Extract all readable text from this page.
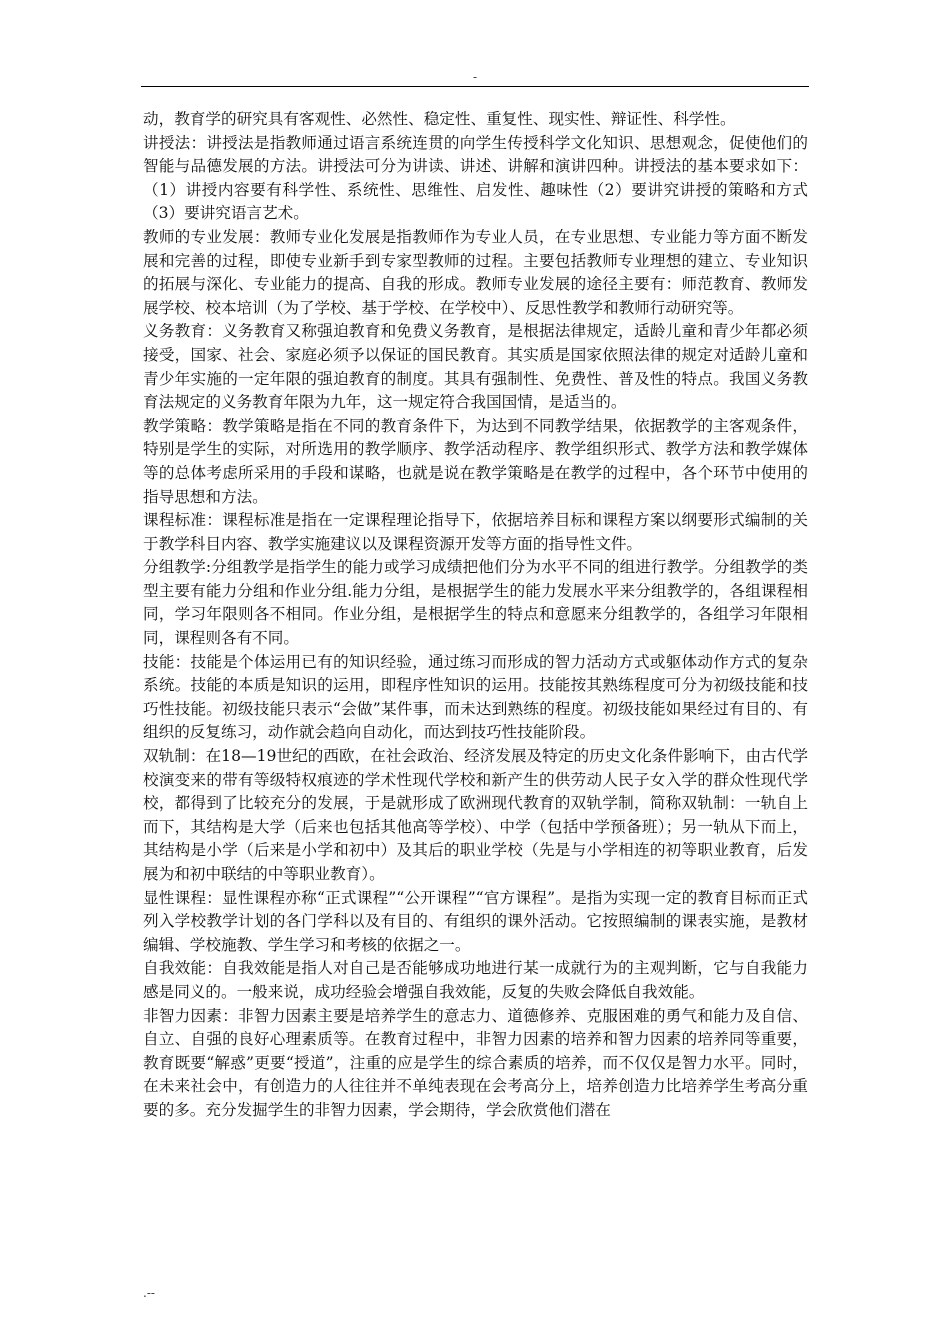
-

动，教育学的研究具有客观性、必然性、稳定性、重复性、现实性、辩证性、科学性。

讲授法：讲授法是指教师通过语言系统连贯的向学生传授科学文化知识、思想观念，促使他们的智能与品德发展的方法。讲授法可分为讲读、讲述、讲解和演讲四种。讲授法的基本要求如下：（1）讲授内容要有科学性、系统性、思维性、启发性、趣味性（2）要讲究讲授的策略和方式（3）要讲究语言艺术。

教师的专业发展：教师专业化发展是指教师作为专业人员，在专业思想、专业能力等方面不断发展和完善的过程，即使专业新手到专家型教师的过程。主要包括教师专业理想的建立、专业知识的拓展与深化、专业能力的提高、自我的形成。教师专业发展的途径主要有：师范教育、教师发展学校、校本培训（为了学校、基于学校、在学校中）、反思性教学和教师行动研究等。

义务教育：义务教育又称强迫教育和免费义务教育，是根据法律规定，适龄儿童和青少年都必须接受，国家、社会、家庭必须予以保证的国民教育。其实质是国家依照法律的规定对适龄儿童和青少年实施的一定年限的强迫教育的制度。其具有强制性、免费性、普及性的特点。我国义务教育法规定的义务教育年限为九年，这一规定符合我国国情，是适当的。

教学策略：教学策略是指在不同的教育条件下，为达到不同教学结果，依据教学的主客观条件，特别是学生的实际，对所选用的教学顺序、教学活动程序、教学组织形式、教学方法和教学媒体等的总体考虑所采用的手段和谋略，也就是说在教学策略是在教学的过程中，各个环节中使用的指导思想和方法。

课程标准：课程标准是指在一定课程理论指导下，依据培养目标和课程方案以纲要形式编制的关于教学科目内容、教学实施建议以及课程资源开发等方面的指导性文件。

分组教学:分组教学是指学生的能力或学习成绩把他们分为水平不同的组进行教学。分组教学的类型主要有能力分组和作业分组.能力分组，是根据学生的能力发展水平来分组教学的，各组课程相同，学习年限则各不相同。作业分组，是根据学生的特点和意愿来分组教学的，各组学习年限相同，课程则各有不同。

技能：技能是个体运用已有的知识经验，通过练习而形成的智力活动方式或躯体动作方式的复杂系统。技能的本质是知识的运用，即程序性知识的运用。技能按其熟练程度可分为初级技能和技巧性技能。初级技能只表示“会做”某件事，而未达到熟练的程度。初级技能如果经过有目的、有组织的反复练习，动作就会趋向自动化，而达到技巧性技能阶段。

双轨制：在18—19世纪的西欧，在社会政治、经济发展及特定的历史文化条件影响下，由古代学校演变来的带有等级特权痕迹的学术性现代学校和新产生的供劳动人民子女入学的群众性现代学校，都得到了比较充分的发展，于是就形成了欧洲现代教育的双轨学制，简称双轨制：一轨自上而下，其结构是大学（后来也包括其他高等学校）、中学（包括中学预备班）；另一轨从下而上，其结构是小学（后来是小学和初中）及其后的职业学校（先是与小学相连的初等职业教育，后发展为和初中联结的中等职业教育）。

显性课程：显性课程亦称“正式课程”“公开课程”“官方课程”。是指为实现一定的教育目标而正式列入学校教学计划的各门学科以及有目的、有组织的课外活动。它按照编制的课表实施，是教材编辑、学校施教、学生学习和考核的依据之一。

自我效能：自我效能是指人对自己是否能够成功地进行某一成就行为的主观判断，它与自我能力感是同义的。一般来说，成功经验会增强自我效能，反复的失败会降低自我效能。

非智力因素：非智力因素主要是培养学生的意志力、道德修养、克服困难的勇气和能力及自信、自立、自强的良好心理素质等。在教育过程中，非智力因素的培养和智力因素的培养同等重要，教育既要“解惑”更要“授道”，注重的应是学生的综合素质的培养，而不仅仅是智力水平。同时，在未来社会中，有创造力的人往往并不单纯表现在会考高分上，培养创造力比培养学生考高分重要的多。充分发掘学生的非智力因素，学会期待，学会欣赏他们潜在

.--
